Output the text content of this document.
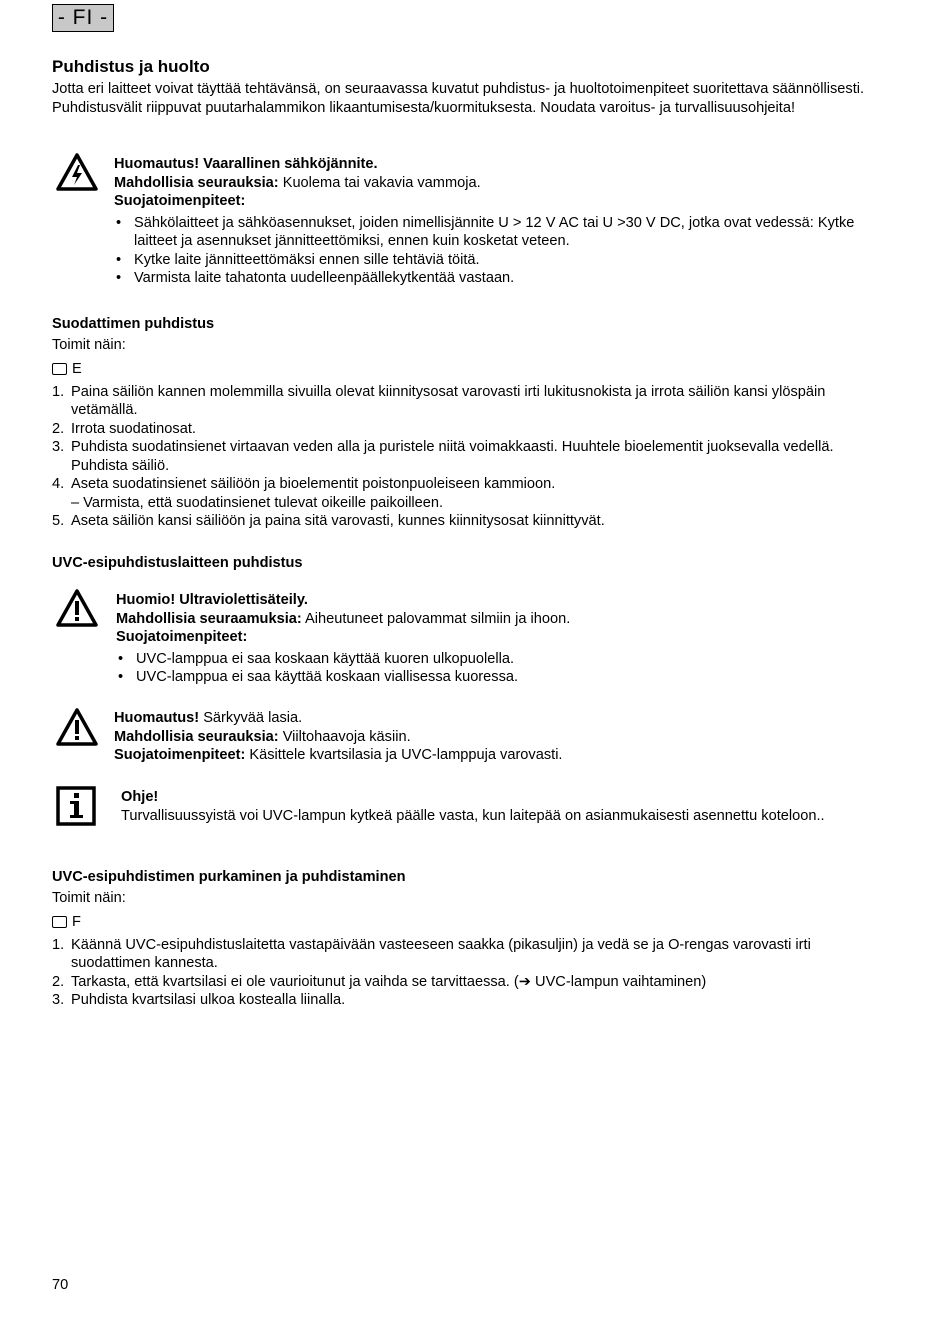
- FI -
Puhdistus ja huolto

Jotta eri laitteet voivat täyttää tehtävänsä, on seuraavassa kuvatut puhdistus- ja huoltotoimenpiteet suoritettava säännöllisesti. Puhdistusvälit riippuvat puutarhalammikon likaantumisesta/kuormituksesta. Noudata varoitus- ja turvallisuusohjeita!

Huomautus! Vaarallinen sähköjännite.

Mahdollisia seurauksia: Kuolema tai vakavia vammoja.

Suojatoimenpiteet:

• Sähkölaitteet ja sähköasennukset, joiden nimellisjännite U > 12 V AC tai U >30 V DC, jotka ovat vedessä: Kytke laitteet ja asennukset jännitteettömiksi, ennen kuin kosketat veteen.
• Kytke laite jännitteettömäksi ennen sille tehtäviä töitä.
• Varmista laite tahatonta uudelleenpäällekytkentää vastaan.
Suodattimen puhdistus

Toimit näin:

E
1. Paina säiliön kannen molemmilla sivuilla olevat kiinnitysosat varovasti irti lukitusnokista ja irrota säiliön kansi ylöspäin vetämällä.
2. Irrota suodatinosat.
3. Puhdista suodatinsienet virtaavan veden alla ja puristele niitä voimakkaasti. Huuhtele bioelementit juoksevalla vedellä. Puhdista säiliö.
4. Aseta suodatinsienet säiliöön ja bioelementit poistonpuoleiseen kammioon.
– Varmista, että suodatinsienet tulevat oikeille paikoilleen.
5. Aseta säiliön kansi säiliöön ja paina sitä varovasti, kunnes kiinnitysosat kiinnittyvät.
UVC-esipuhdistuslaitteen puhdistus

Huomio! Ultraviolettisäteily.

Mahdollisia seuraamuksia: Aiheutuneet palovammat silmiin ja ihoon.

Suojatoimenpiteet:

• UVC-lamppua ei saa koskaan käyttää kuoren ulkopuolella.
• UVC-lamppua ei saa käyttää koskaan viallisessa kuoressa.

Huomautus! Särkyvää lasia.

Mahdollisia seurauksia: Viiltohaavoja käsiin.

Suojatoimenpiteet: Käsittele kvartsilasia ja UVC-lamppuja varovasti.

Ohje!

Turvallisuussyistä voi UVC-lampun kytkeä päälle vasta, kun laitepää on asianmukaisesti asennettu koteloon..

UVC-esipuhdistimen purkaminen ja puhdistaminen

Toimit näin:

F
1. Käännä UVC-esipuhdistuslaitetta vastapäivään vasteeseen saakka (pikasuljin) ja vedä se ja O-rengas varovasti irti suodattimen kannesta.
2. Tarkasta, että kvartsilasi ei ole vaurioitunut ja vaihda se tarvittaessa. (➔ UVC-lampun vaihtaminen)
3. Puhdista kvartsilasi ulkoa kostealla liinalla.
70
